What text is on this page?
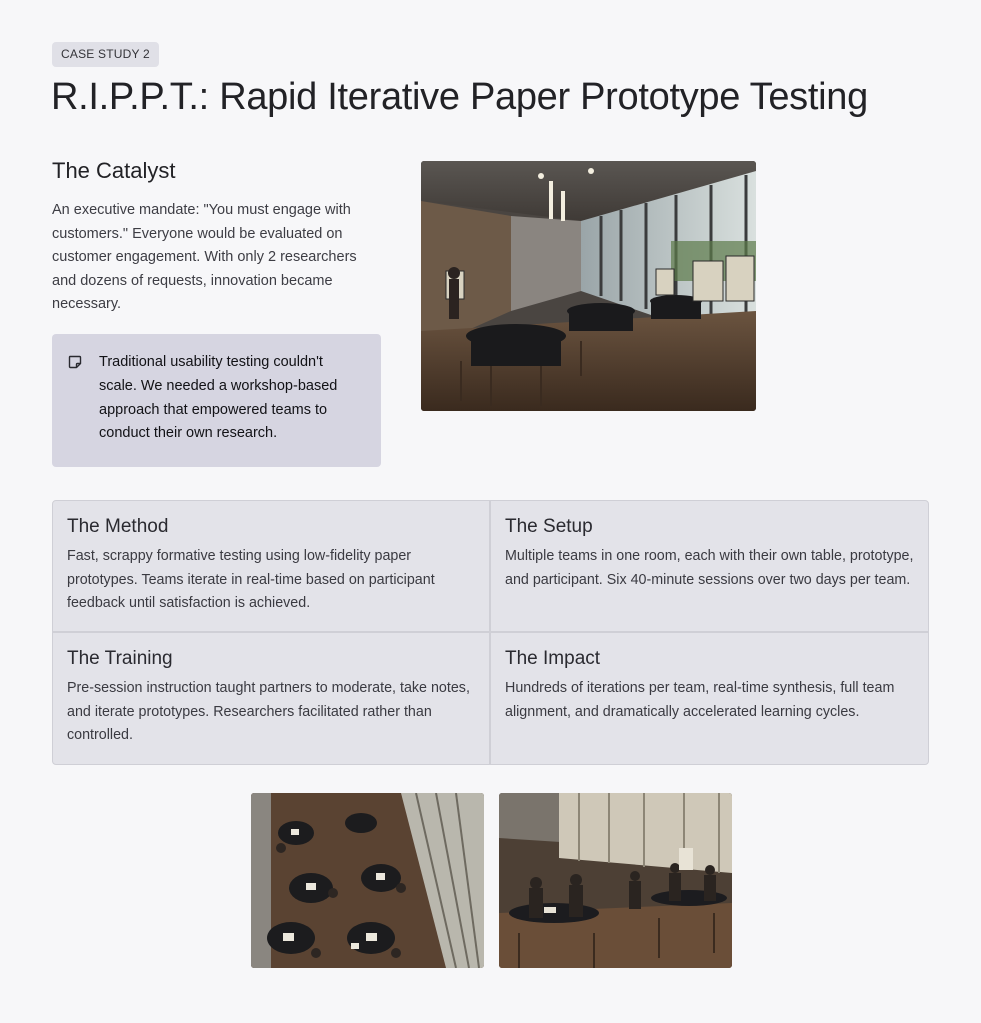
CASE STUDY 2
R.I.P.P.T.: Rapid Iterative Paper Prototype Testing
The Catalyst

An executive mandate: "You must engage with customers." Everyone would be evaluated on customer engagement. With only 2 researchers and dozens of requests, innovation became necessary.

Traditional usability testing couldn't scale. We needed a workshop-based approach that empowered teams to conduct their own research.

The Method

Fast, scrappy formative testing using low-fidelity paper prototypes. Teams iterate in real-time based on participant feedback until satisfaction is achieved.

The Setup

Multiple teams in one room, each with their own table, prototype, and participant. Six 40-minute sessions over two days per team.

The Training

Pre-session instruction taught partners to moderate, take notes, and iterate prototypes. Researchers facilitated rather than controlled.

The Impact

Hundreds of iterations per team, real-time synthesis, full team alignment, and dramatically accelerated learning cycles.
